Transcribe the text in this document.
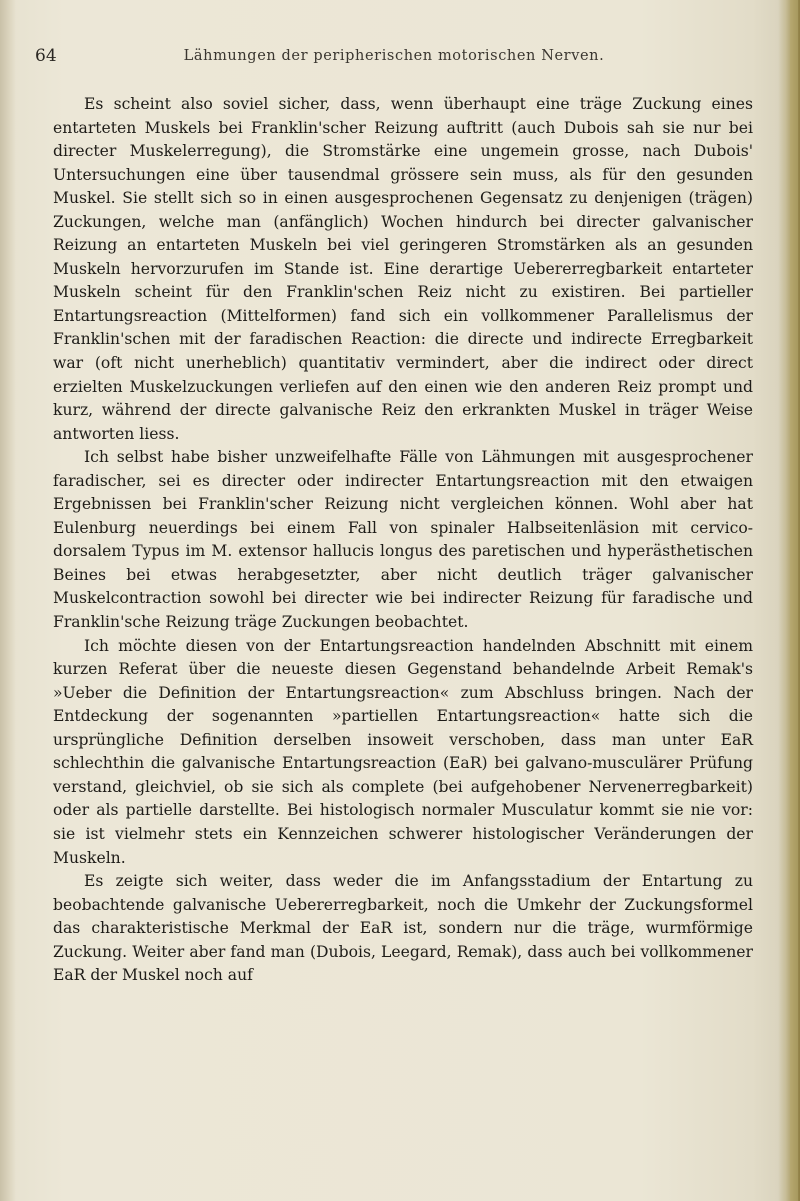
64	Lähmungen der peripherischen motorischen Nerven.

Es scheint also soviel sicher, dass, wenn überhaupt eine träge Zuckung eines entarteten Muskels bei Franklin'scher Reizung auftritt (auch Dubois sah sie nur bei directer Muskelerregung), die Stromstärke eine ungemein grosse, nach Dubois' Untersuchungen eine über tausendmal grössere sein muss, als für den gesunden Muskel. Sie stellt sich so in einen ausgesprochenen Gegensatz zu denjenigen (trägen) Zuckungen, welche man (anfänglich) Wochen hindurch bei directer galvanischer Reizung an entarteten Muskeln bei viel geringeren Stromstärken als an gesunden Muskeln hervorzurufen im Stande ist. Eine derartige Uebererregbarkeit entarteter Muskeln scheint für den Franklin'schen Reiz nicht zu existiren. Bei partieller Entartungsreaction (Mittelformen) fand sich ein vollkommener Parallelismus der Franklin'schen mit der faradischen Reaction: die directe und indirecte Erregbarkeit war (oft nicht unerheblich) quantitativ vermindert, aber die indirect oder direct erzielten Muskelzuckungen verliefen auf den einen wie den anderen Reiz prompt und kurz, während der directe galvanische Reiz den erkrankten Muskel in träger Weise antworten liess.

Ich selbst habe bisher unzweifelhafte Fälle von Lähmungen mit ausgesprochener faradischer, sei es directer oder indirecter Entartungsreaction mit den etwaigen Ergebnissen bei Franklin'scher Reizung nicht vergleichen können. Wohl aber hat Eulenburg neuerdings bei einem Fall von spinaler Halbseitenläsion mit cervico-dorsalem Typus im M. extensor hallucis longus des paretischen und hyperästhetischen Beines bei etwas herabgesetzter, aber nicht deutlich träger galvanischer Muskelcontraction sowohl bei directer wie bei indirecter Reizung für faradische und Franklin'sche Reizung träge Zuckungen beobachtet.

Ich möchte diesen von der Entartungsreaction handelnden Abschnitt mit einem kurzen Referat über die neueste diesen Gegenstand behandelnde Arbeit Remak's »Ueber die Definition der Entartungsreaction« zum Abschluss bringen. Nach der Entdeckung der sogenannten »partiellen Entartungsreaction« hatte sich die ursprüngliche Definition derselben insoweit verschoben, dass man unter EaR schlechthin die galvanische Entartungsreaction (EaR) bei galvano-musculärer Prüfung verstand, gleichviel, ob sie sich als complete (bei aufgehobener Nervenerregbarkeit) oder als partielle darstellte. Bei histologisch normaler Musculatur kommt sie nie vor: sie ist vielmehr stets ein Kennzeichen schwerer histologischer Veränderungen der Muskeln.

Es zeigte sich weiter, dass weder die im Anfangsstadium der Entartung zu beobachtende galvanische Uebererregbarkeit, noch die Umkehr der Zuckungsformel das charakteristische Merkmal der EaR ist, sondern nur die träge, wurmförmige Zuckung. Weiter aber fand man (Dubois, Leegard, Remak), dass auch bei vollkommener EaR der Muskel noch auf
